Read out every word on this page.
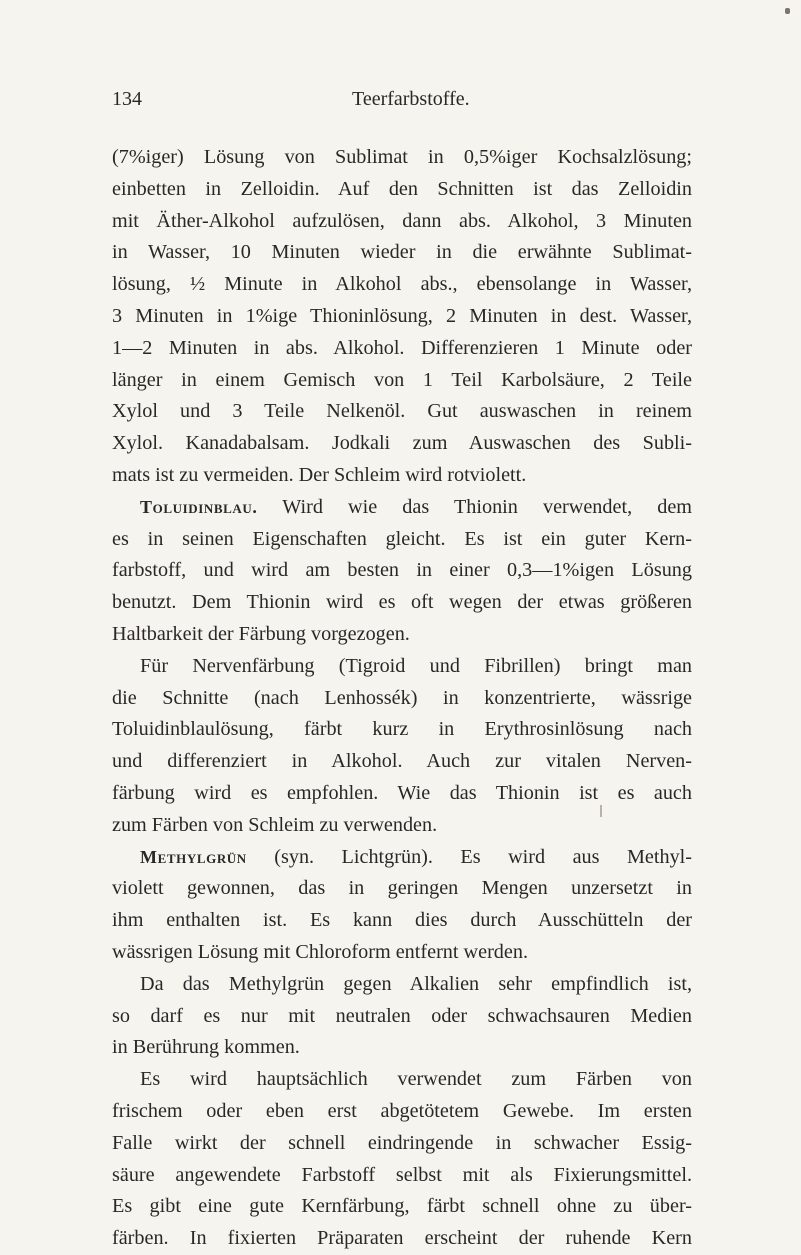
134	Teerfarbstoffe.
(7%iger) Lösung von Sublimat in 0,5%iger Kochsalzlösung;
einbetten in Zelloidin. Auf den Schnitten ist das Zelloidin
mit Äther-Alkohol aufzulösen, dann abs. Alkohol, 3 Minuten
in Wasser, 10 Minuten wieder in die erwähnte Sublimat-
lösung, ½ Minute in Alkohol abs., ebensolange in Wasser,
3 Minuten in 1%ige Thioninlösung, 2 Minuten in dest. Wasser,
1—2 Minuten in abs. Alkohol. Differenzieren 1 Minute oder
länger in einem Gemisch von 1 Teil Karbolsäure, 2 Teile
Xylol und 3 Teile Nelkenöl. Gut auswaschen in reinem
Xylol. Kanadabalsam. Jodkali zum Auswaschen des Subli-
mats ist zu vermeiden. Der Schleim wird rotviolett.
Toluidinblau. Wird wie das Thionin verwendet, dem
es in seinen Eigenschaften gleicht. Es ist ein guter Kern-
farbstoff, und wird am besten in einer 0,3—1%igen Lösung
benutzt. Dem Thionin wird es oft wegen der etwas größeren
Haltbarkeit der Färbung vorgezogen.
Für Nervenfärbung (Tigroid und Fibrillen) bringt man
die Schnitte (nach Lenhossék) in konzentrierte, wässrige
Toluidinblaulösung, färbt kurz in Erythrosinlösung nach
und differenziert in Alkohol. Auch zur vitalen Nerven-
färbung wird es empfohlen. Wie das Thionin ist es auch
zum Färben von Schleim zu verwenden.
Methylgrün (syn. Lichtgrün). Es wird aus Methyl-
violett gewonnen, das in geringen Mengen unzersetzt in
ihm enthalten ist. Es kann dies durch Ausschütteln der
wässrigen Lösung mit Chloroform entfernt werden.
Da das Methylgrün gegen Alkalien sehr empfindlich ist,
so darf es nur mit neutralen oder schwachsauren Medien
in Berührung kommen.
Es wird hauptsächlich verwendet zum Färben von
frischem oder eben erst abgetötetem Gewebe. Im ersten
Falle wirkt der schnell eindringende in schwacher Essig-
säure angewendete Farbstoff selbst mit als Fixierungsmittel.
Es gibt eine gute Kernfärbung, färbt schnell ohne zu über-
färben. In fixierten Präparaten erscheint der ruhende Kern
